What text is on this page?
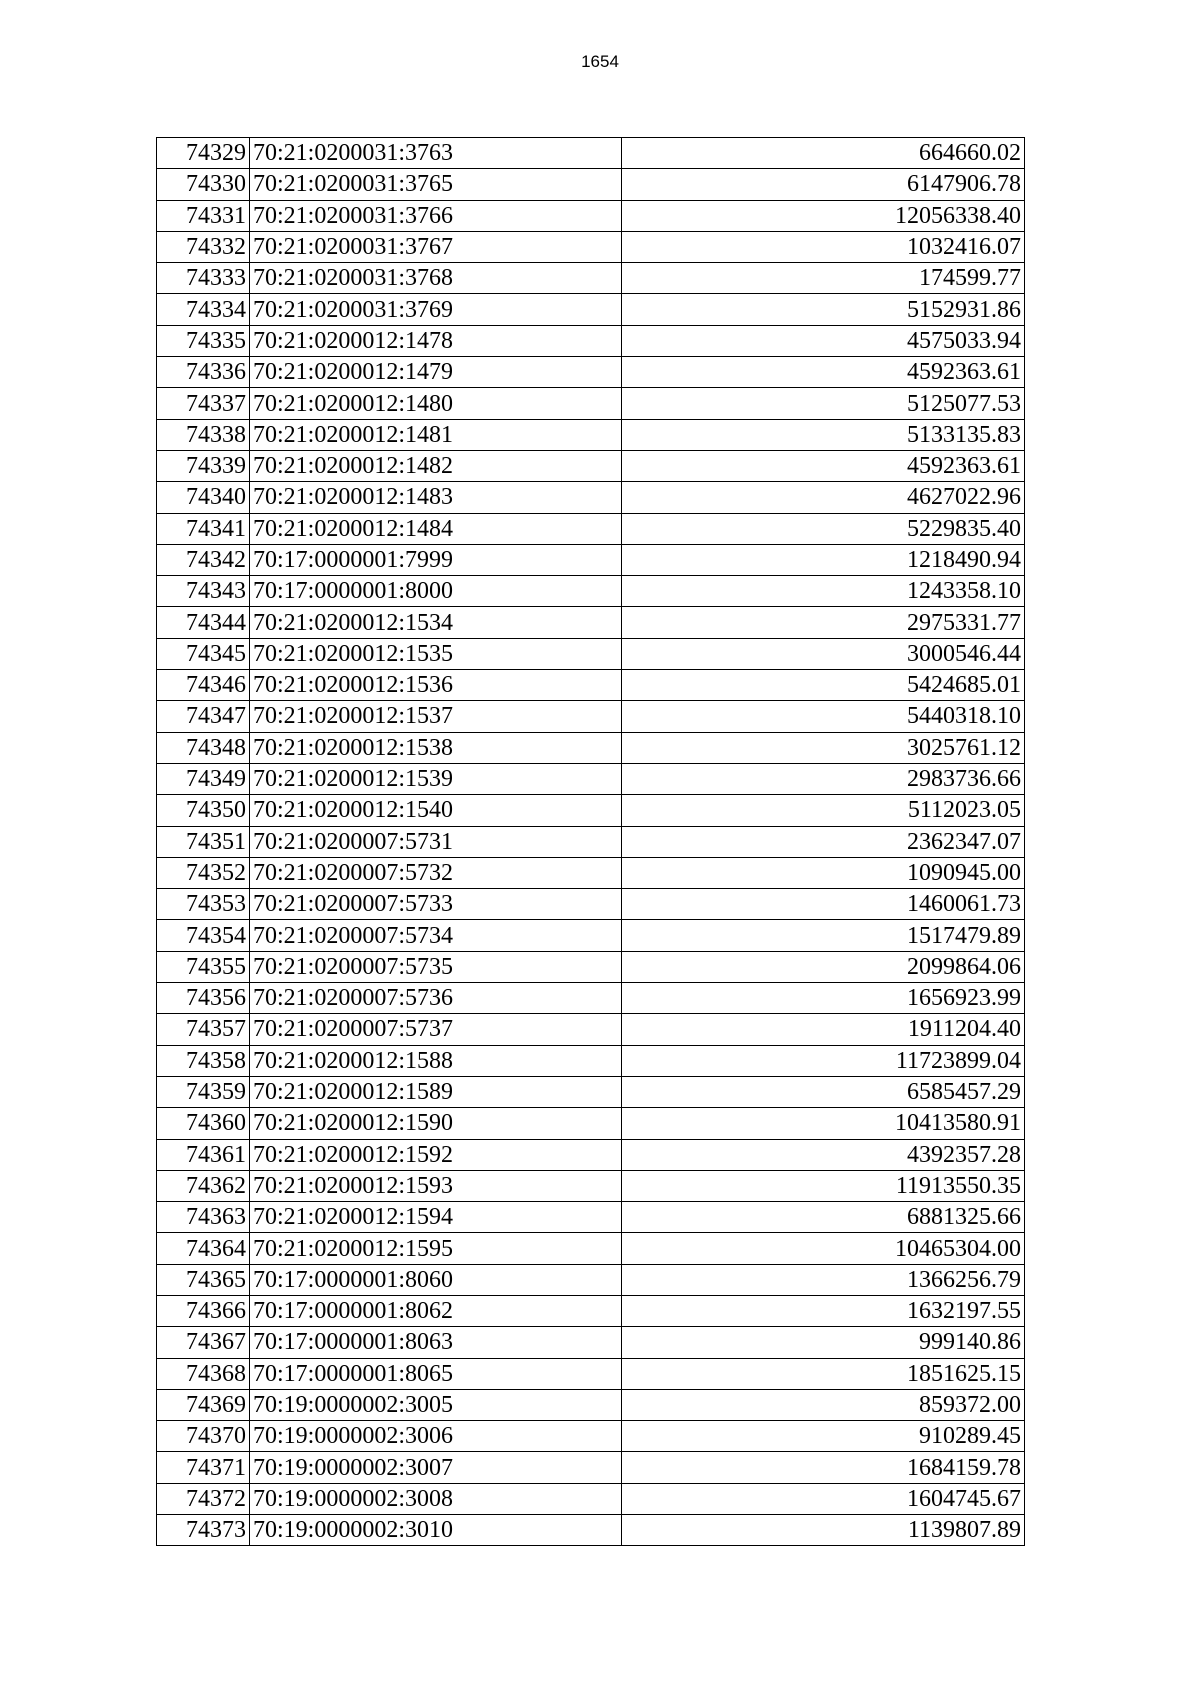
1654
74329	70:21:0200031:3763	664660.02
74330	70:21:0200031:3765	6147906.78
74331	70:21:0200031:3766	12056338.40
74332	70:21:0200031:3767	1032416.07
74333	70:21:0200031:3768	174599.77
74334	70:21:0200031:3769	5152931.86
74335	70:21:0200012:1478	4575033.94
74336	70:21:0200012:1479	4592363.61
74337	70:21:0200012:1480	5125077.53
74338	70:21:0200012:1481	5133135.83
74339	70:21:0200012:1482	4592363.61
74340	70:21:0200012:1483	4627022.96
74341	70:21:0200012:1484	5229835.40
74342	70:17:0000001:7999	1218490.94
74343	70:17:0000001:8000	1243358.10
74344	70:21:0200012:1534	2975331.77
74345	70:21:0200012:1535	3000546.44
74346	70:21:0200012:1536	5424685.01
74347	70:21:0200012:1537	5440318.10
74348	70:21:0200012:1538	3025761.12
74349	70:21:0200012:1539	2983736.66
74350	70:21:0200012:1540	5112023.05
74351	70:21:0200007:5731	2362347.07
74352	70:21:0200007:5732	1090945.00
74353	70:21:0200007:5733	1460061.73
74354	70:21:0200007:5734	1517479.89
74355	70:21:0200007:5735	2099864.06
74356	70:21:0200007:5736	1656923.99
74357	70:21:0200007:5737	1911204.40
74358	70:21:0200012:1588	11723899.04
74359	70:21:0200012:1589	6585457.29
74360	70:21:0200012:1590	10413580.91
74361	70:21:0200012:1592	4392357.28
74362	70:21:0200012:1593	11913550.35
74363	70:21:0200012:1594	6881325.66
74364	70:21:0200012:1595	10465304.00
74365	70:17:0000001:8060	1366256.79
74366	70:17:0000001:8062	1632197.55
74367	70:17:0000001:8063	999140.86
74368	70:17:0000001:8065	1851625.15
74369	70:19:0000002:3005	859372.00
74370	70:19:0000002:3006	910289.45
74371	70:19:0000002:3007	1684159.78
74372	70:19:0000002:3008	1604745.67
74373	70:19:0000002:3010	1139807.89
